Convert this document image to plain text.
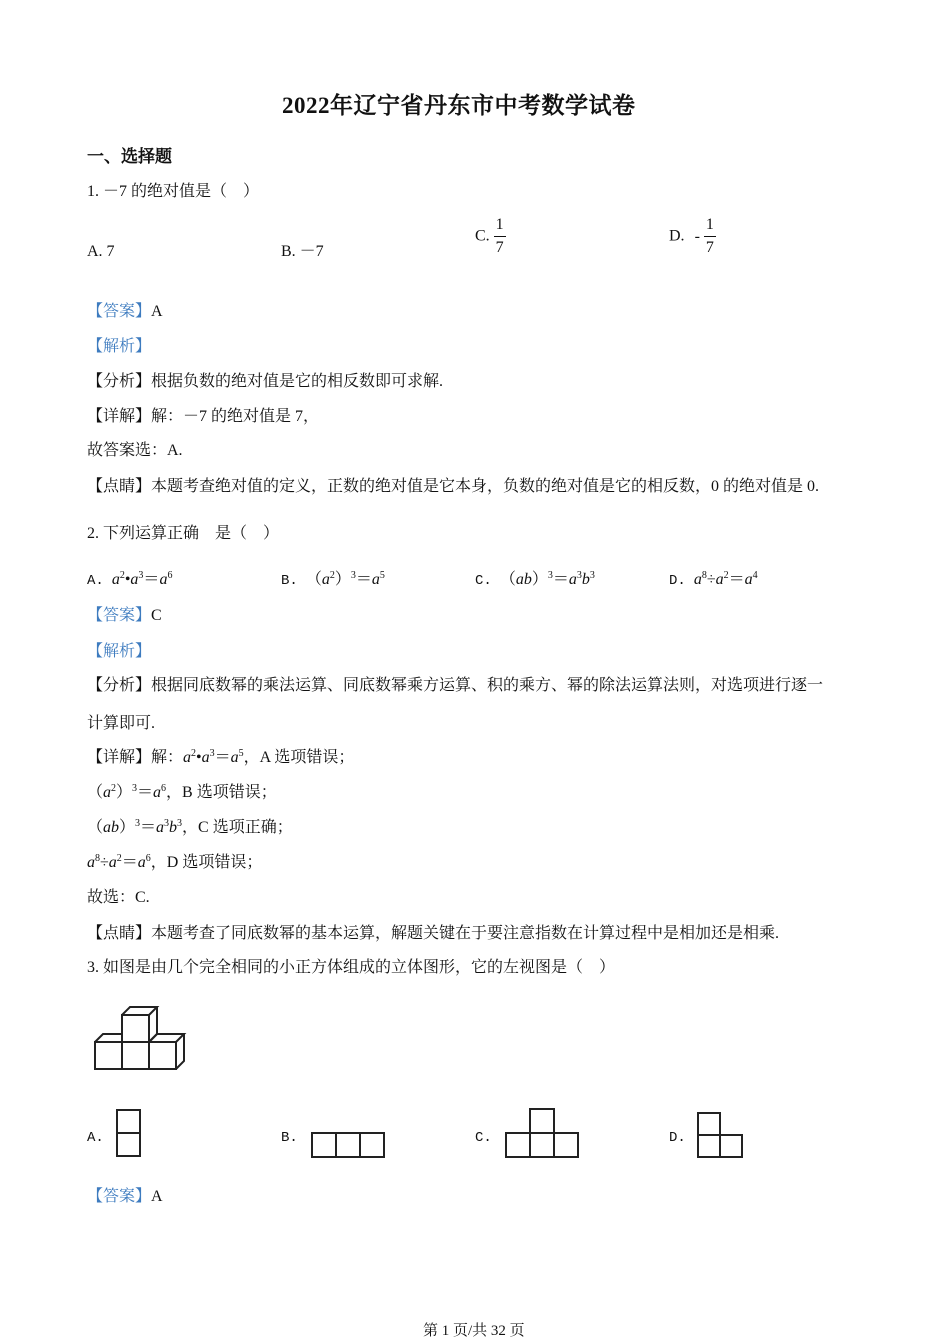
2022年辽宁省丹东市中考数学试卷
一、选择题
1. －7 的绝对值是（　）
A. 7	B. －7
C. $\frac{1}{7}$	D. - $\frac{1}{7}$
【答案】A
【解析】
【分析】根据负数的绝对值是它的相反数即可求解.
【详解】解：－7 的绝对值是 7，
故答案选：A.
【点睛】本题考查绝对值的定义，正数的绝对值是它本身，负数的绝对值是它的相反数，0 的绝对值是 0.
2. 下列运算正确　是（　）
A. $a^2•a^3=a^6$	B.  $(a^2)^3=a^5$	C.  $(ab)^3=a^3b^3$	D. $a^8\div a^2=a^4$
【答案】C
【解析】
【分析】根据同底数幂的乘法运算、同底数幂乘方运算、积的乘方、幂的除法运算法则，对选项进行逐一
计算即可.
【详解】解：$a^2•a^3=a^5$，A 选项错误；
$(a^2)^3=a^6$，B 选项错误；
$(ab)^3=a^3b^3$，C 选项正确；
$a^8\div a^2=a^6$，D 选项错误；
故选：C.
【点睛】本题考查了同底数幂的基本运算，解题关键在于要注意指数在计算过程中是相加还是相乘.
3. 如图是由几个完全相同的小正方体组成的立体图形，它的左视图是（　）
A.	B.	C.	D.
【答案】A
第 1 页/共 32 页
